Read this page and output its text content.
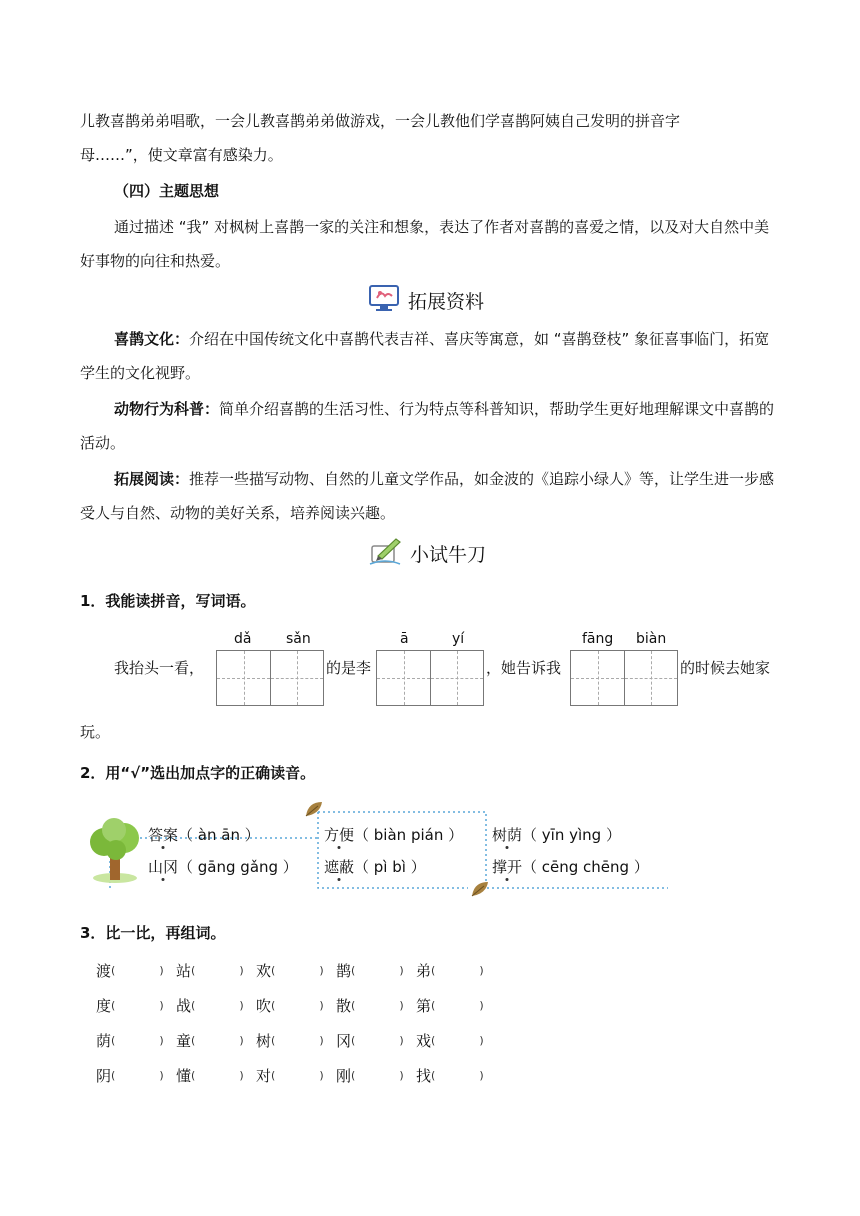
儿教喜鹊弟弟唱歌，一会儿教喜鹊弟弟做游戏，一会儿教他们学喜鹊阿姨自己发明的拼音字
母……”，使文章富有感染力。

（四）主题思想

通过描述 “我” 对枫树上喜鹊一家的关注和想象，表达了作者对喜鹊的喜爱之情，以及对大自然中美好事物的向往和热爱。

拓展资料

喜鹊文化：介绍在中国传统文化中喜鹊代表吉祥、喜庆等寓意，如 “喜鹊登枝” 象征喜事临门，拓宽学生的文化视野。

动物行为科普：简单介绍喜鹊的生活习性、行为特点等科普知识，帮助学生更好地理解课文中喜鹊的活动。

拓展阅读：推荐一些描写动物、自然的儿童文学作品，如金波的《追踪小绿人》等，让学生进一步感受人与自然、动物的美好关系，培养阅读兴趣。

小试牛刀
1．我能读拼音，写词语。
dǎ sǎn	ā	yí	fāng biàn
我抬头一看，	的是李	，她告诉我	的时候去她家
玩。
2．用“√”选出加点字的正确读音。
答案（ àn ān ）	方便（ biàn pián ） 树荫（ yīn yìng ）
山冈（ gāng gǎng ） 遮蔽（ pì bì ）	撑开（ cēng chēng ）
3．比一比，再组词。
渡 (	) 站 (	) 欢 (	) 鹊 (	) 弟 (	)
度 (	) 战 (	) 吹 (	) 散 (	) 第 (	)
荫 (	) 童 (	) 树 (	) 冈 (	) 戏 (	)
阴 (	) 懂 (	) 对 (	) 刚 (	) 找 (	)
